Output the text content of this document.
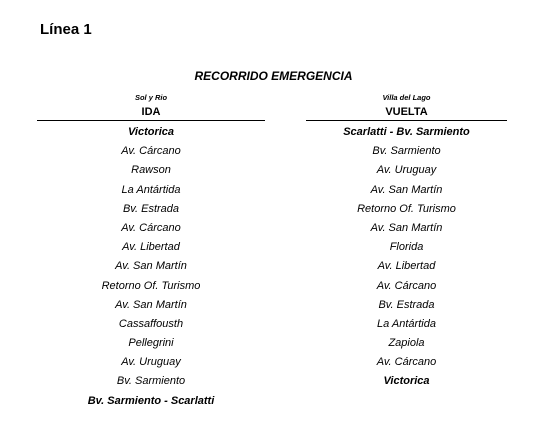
Línea 1
RECORRIDO EMERGENCIA
Sol y Rio
IDA
Victorica
Av. Cárcano
Rawson
La Antártida
Bv. Estrada
Av. Cárcano
Av. Libertad
Av. San Martín
Retorno Of. Turismo
Av. San Martín
Cassaffousth
Pellegrini
Av. Uruguay
Bv. Sarmiento
Bv. Sarmiento - Scarlatti
Villa del Lago
VUELTA
Scarlatti - Bv. Sarmiento
Bv. Sarmiento
Av. Uruguay
Av. San Martín
Retorno Of. Turismo
Av. San Martín
Florida
Av. Libertad
Av. Cárcano
Bv. Estrada
La Antártida
Zapiola
Av. Cárcano
Victorica
